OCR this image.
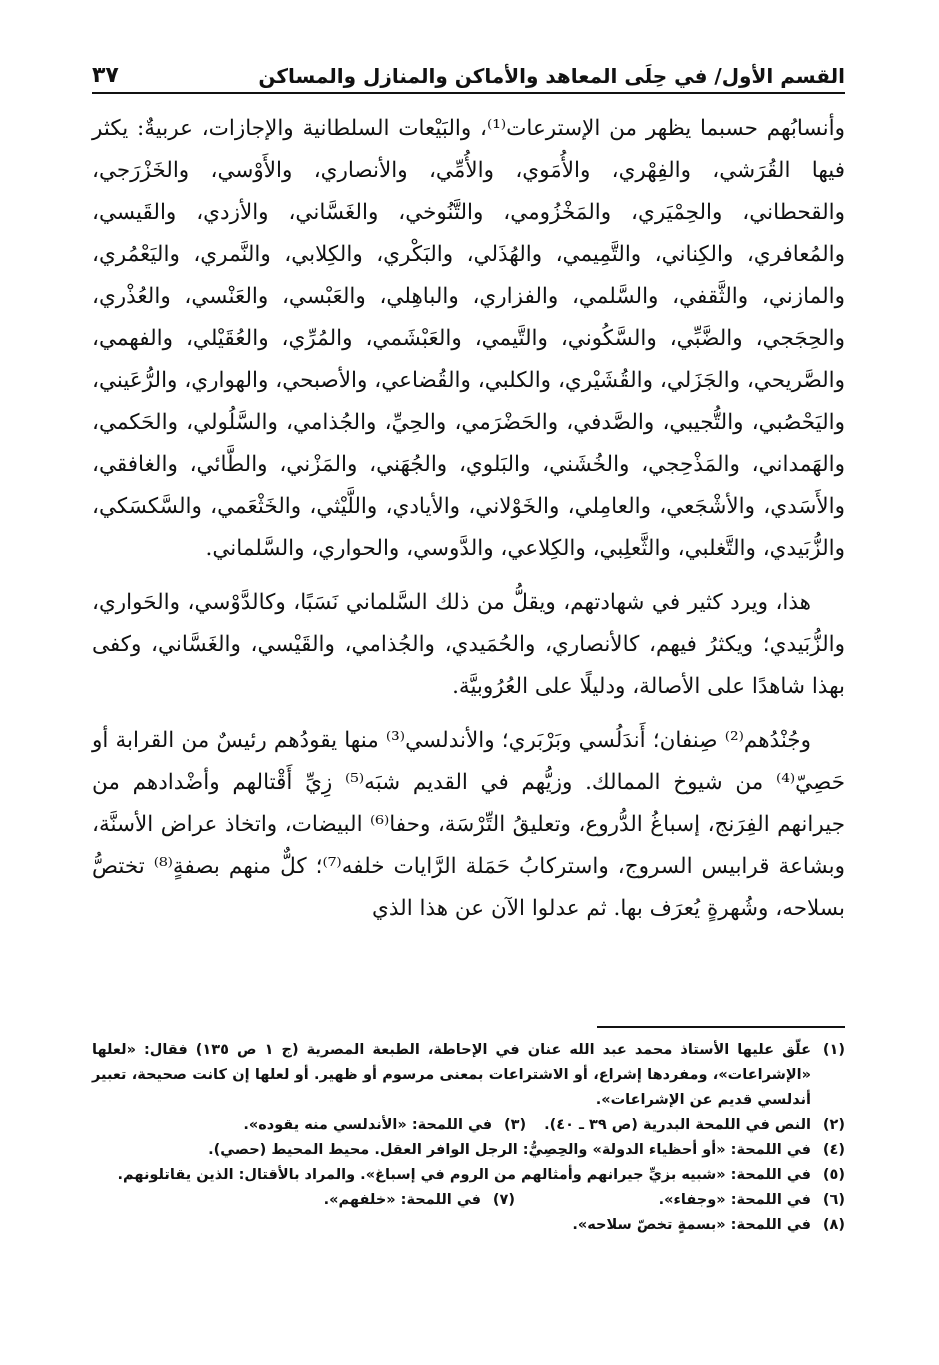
القسم الأول/ في حِلَى المعاهد والأماكن والمنازل والمساكن
٣٧

وأنسابُهم حسبما يظهر من الإسترعات⁽¹⁾، والبَيْعات السلطانية والإجازات، عربيةٌ: يكثر فيها القُرَشي، والفِهْري، والأُمَوي، والأُمِّي، والأنصاري، والأَوْسي، والخَزْرَجي، والقحطاني، والحِمْيَري، والمَخْزُومي، والتَّنُوخي، والغَسَّاني، والأزدي، والقَيسي، والمُعافري، والكِناني، والتَّمِيمي، والهُذَلي، والبَكْري، والكِلابي، والنَّمري، واليَعْمُري، والمازني، والثَّقفي، والسَّلمي، والفزاري، والباهِلي، والعَبْسي، والعَنْسي، والعُذْري، والحِجَجي، والضَّبِّي، والسَّكُوني، والتَّيمي، والعَبْشَمي، والمُرِّي، والعُقَيْلي، والفهمي، والصَّريحي، والجَزَلي، والقُشَيْري، والكلبي، والقُضاعي، والأصبحي، والهواري، والرُّعَيني، واليَحْصُبي، والتُّجيبي، والصَّدفي، والحَضْرَمي، والحِيِّ، والجُذامي، والسَّلُولي، والحَكمي، والهَمداني، والمَذْحِجي، والخُشَني، والبَلوي، والجُهَني، والمَزْني، والطَّائي، والغافقي، والأَسَدي، والأشْجَعي، والعامِلي، والخَوْلاني، والأيادي، واللَّيْثي، والخَثْعَمي، والسَّكسَكي، والزُّبَيدي، والتَّغلبي، والثَّعلِبي، والكِلاعي، والدَّوسي، والحواري، والسَّلماني.

هذا، ويرد كثير في شهادتهم، ويقلُّ من ذلك السَّلماني نَسَبًا، وكالدَّوْسي، والحَواري، والزُّبَيدي؛ ويكثرُ فيهم، كالأنصاري، والحُمَيدي، والجُذامي، والقَيْسي، والغَسَّاني، وكفى بهذا شاهدًا على الأصالة، ودليلًا على العُرُوبيَّة.

وجُنْدُهم⁽²⁾ صِنفان؛ أَندَلُسي وبَرْبَري؛ والأندلسي⁽³⁾ منها يقودُهم رئيسٌ من القرابة أو حَصِيّ⁽⁴⁾ من شيوخ الممالك. وزيُّهم في القديم شبَه⁽⁵⁾ زِيِّ أَقْتالهم وأضْدادهم من جيرانهم الفِرَنج، إسباغُ الدُّروع، وتعليقُ التِّرْسَة، وحفا⁽⁶⁾ البيضات، واتخاذ عراض الأسنَّة، وبشاعة قرابيس السروج، واستركابُ حَمَلة الرَّايات خلفه⁽⁷⁾؛ كلٌّ منهم بصفةٍ⁽⁸⁾ تختصُّ بسلاحه، وشُهرةٍ يُعرَف بها. ثم عدلوا الآن عن هذا الذي

(١)
علّق عليها الأستاذ محمد عبد الله عنان في الإحاطة، الطبعة المصرية (ج ١ ص ١٣٥) فقال: «لعلها «الإشراعات»، ومفردها إشراع، أو الاشتراعات بمعنى مرسوم أو ظهير. أو لعلها إن كانت صحيحة، تعبير أندلسي قديم عن الإشراعات».
(٢)
النص في اللمحة البدرية (ص ٣٩ ـ ٤٠).
(٣)
في اللمحة: «الأندلسي منه يقوده».
(٤)
في اللمحة: «أو أحظياء الدولة» والحِصِيُّ: الرجل الوافر العقل. محيط المحيط (حصي).
(٥)
في اللمحة: «شبيه بزيِّ جيرانهم وأمثالهم من الروم في إسباغ». والمراد بالأقتال: الذين يقاتلونهم.
(٦)
في اللمحة: «وجفاء».
(٧)
في اللمحة: «خلفهم».
(٨)
في اللمحة: «بسمةٍ تخصّ سلاحه».
